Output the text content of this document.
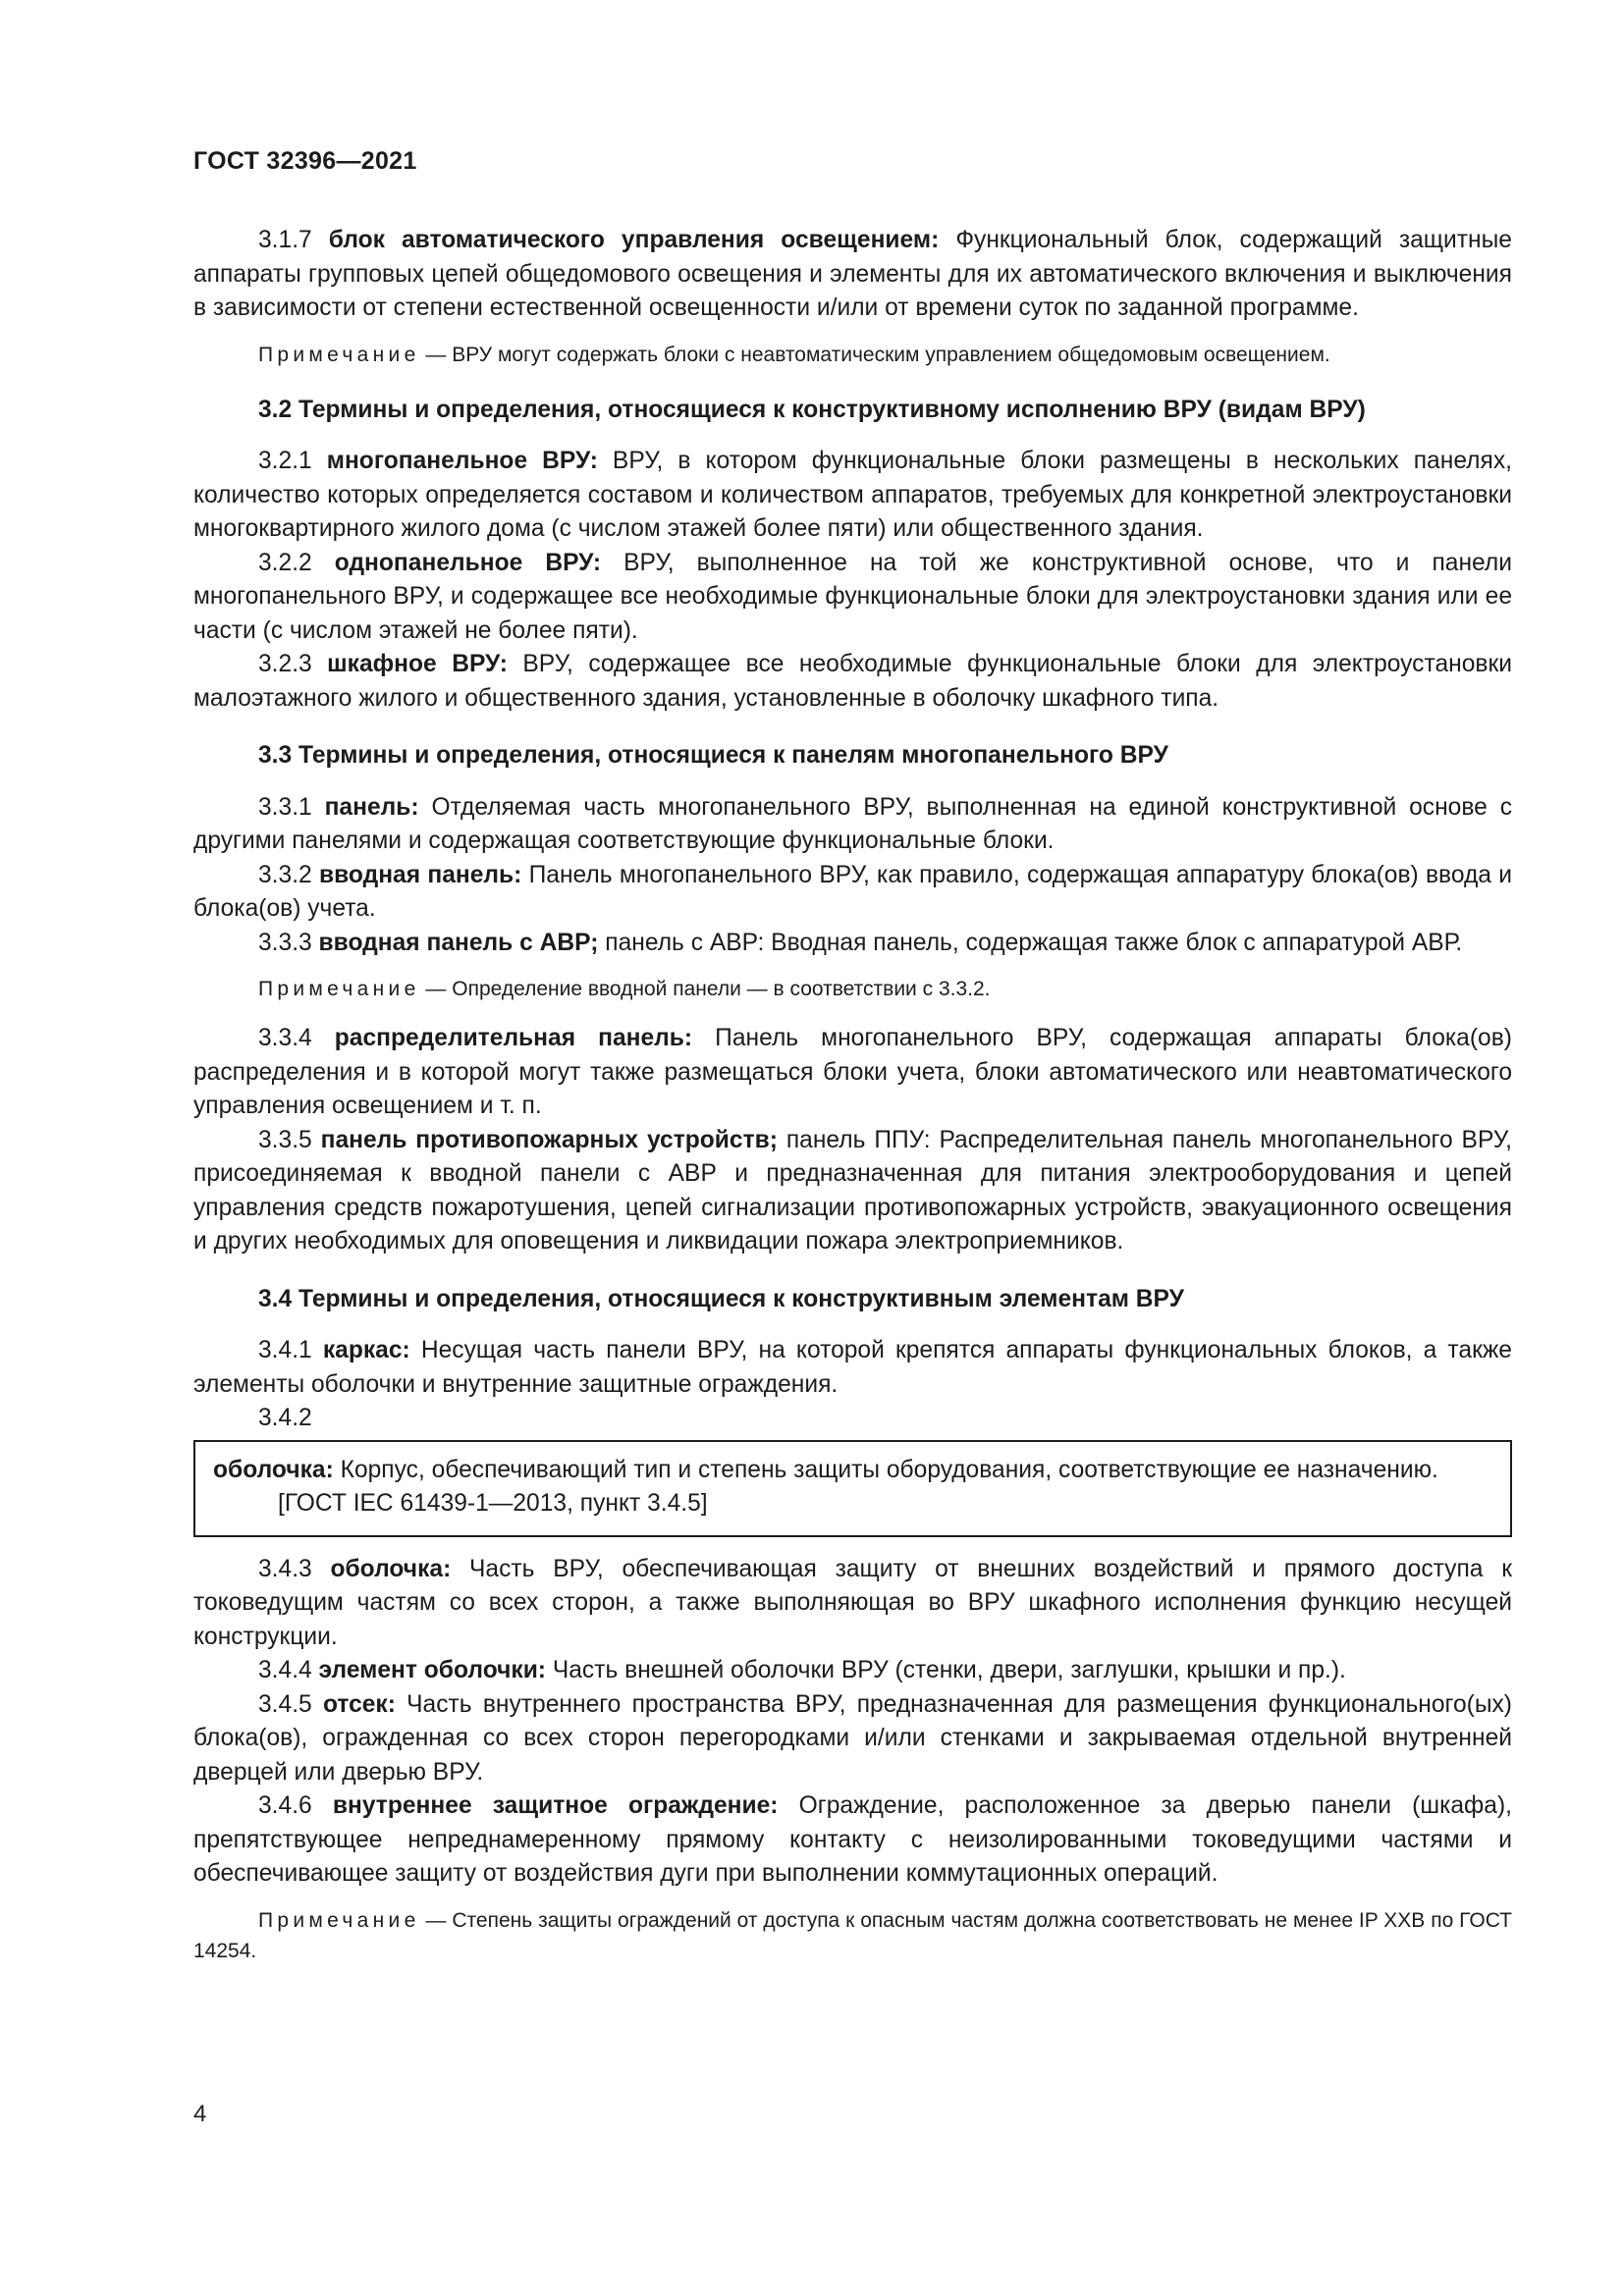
ГОСТ 32396—2021

3.1.7 блок автоматического управления освещением: Функциональный блок, содержащий защитные аппараты групповых цепей общедомового освещения и элементы для их автоматического включения и выключения в зависимости от степени естественной освещенности и/или от времени суток по заданной программе.

Примечание — ВРУ могут содержать блоки с неавтоматическим управлением общедомовым освещением.

3.2 Термины и определения, относящиеся к конструктивному исполнению ВРУ (видам ВРУ)

3.2.1 многопанельное ВРУ: ВРУ, в котором функциональные блоки размещены в нескольких панелях, количество которых определяется составом и количеством аппаратов, требуемых для конкретной электроустановки многоквартирного жилого дома (с числом этажей более пяти) или общественного здания.

3.2.2 однопанельное ВРУ: ВРУ, выполненное на той же конструктивной основе, что и панели многопанельного ВРУ, и содержащее все необходимые функциональные блоки для электроустановки здания или ее части (с числом этажей не более пяти).

3.2.3 шкафное ВРУ: ВРУ, содержащее все необходимые функциональные блоки для электроустановки малоэтажного жилого и общественного здания, установленные в оболочку шкафного типа.

3.3 Термины и определения, относящиеся к панелям многопанельного ВРУ

3.3.1 панель: Отделяемая часть многопанельного ВРУ, выполненная на единой конструктивной основе с другими панелями и содержащая соответствующие функциональные блоки.

3.3.2 вводная панель: Панель многопанельного ВРУ, как правило, содержащая аппаратуру блока(ов) ввода и блока(ов) учета.

3.3.3 вводная панель с АВР; панель с АВР: Вводная панель, содержащая также блок с аппаратурой АВР.

Примечание — Определение вводной панели — в соответствии с 3.3.2.

3.3.4 распределительная панель: Панель многопанельного ВРУ, содержащая аппараты блока(ов) распределения и в которой могут также размещаться блоки учета, блоки автоматического или неавтоматического управления освещением и т. п.

3.3.5 панель противопожарных устройств; панель ППУ: Распределительная панель многопанельного ВРУ, присоединяемая к вводной панели с АВР и предназначенная для питания электрооборудования и цепей управления средств пожаротушения, цепей сигнализации противопожарных устройств, эвакуационного освещения и других необходимых для оповещения и ликвидации пожара электроприемников.

3.4 Термины и определения, относящиеся к конструктивным элементам ВРУ

3.4.1 каркас: Несущая часть панели ВРУ, на которой крепятся аппараты функциональных блоков, а также элементы оболочки и внутренние защитные ограждения.

3.4.2

оболочка: Корпус, обеспечивающий тип и степень защиты оборудования, соответствующие ее назначению.

[ГОСТ IEC 61439-1—2013, пункт 3.4.5]

3.4.3 оболочка: Часть ВРУ, обеспечивающая защиту от внешних воздействий и прямого доступа к токоведущим частям со всех сторон, а также выполняющая во ВРУ шкафного исполнения функцию несущей конструкции.

3.4.4 элемент оболочки: Часть внешней оболочки ВРУ (стенки, двери, заглушки, крышки и пр.).

3.4.5 отсек: Часть внутреннего пространства ВРУ, предназначенная для размещения функционального(ых) блока(ов), огражденная со всех сторон перегородками и/или стенками и закрываемая отдельной внутренней дверцей или дверью ВРУ.

3.4.6 внутреннее защитное ограждение: Ограждение, расположенное за дверью панели (шкафа), препятствующее непреднамеренному прямому контакту с неизолированными токоведущими частями и обеспечивающее защиту от воздействия дуги при выполнении коммутационных операций.

Примечание — Степень защиты ограждений от доступа к опасным частям должна соответствовать не менее IP XXB по ГОСТ 14254.

4
